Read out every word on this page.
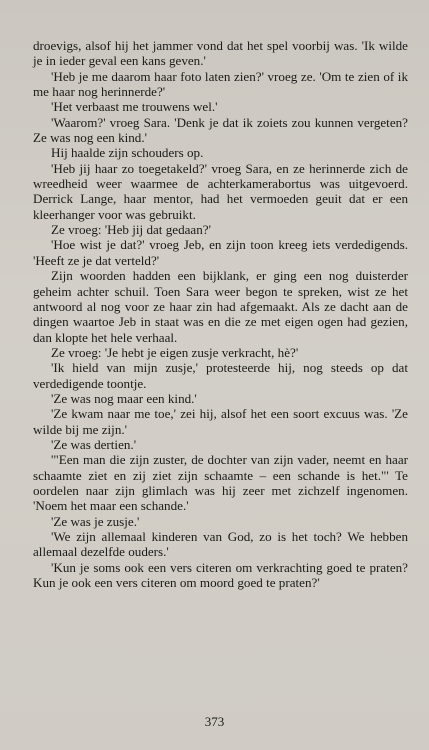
droevigs, alsof hij het jammer vond dat het spel voorbij was. 'Ik wilde je in ieder geval een kans geven.'

'Heb je me daarom haar foto laten zien?' vroeg ze. 'Om te zien of ik me haar nog herinnerde?'

'Het verbaast me trouwens wel.'

'Waarom?' vroeg Sara. 'Denk je dat ik zoiets zou kunnen vergeten? Ze was nog een kind.'

Hij haalde zijn schouders op.

'Heb jij haar zo toegetakeld?' vroeg Sara, en ze herinnerde zich de wreedheid weer waarmee de achterkamerabortus was uitgevoerd. Derrick Lange, haar mentor, had het vermoeden geuit dat er een kleerhanger voor was gebruikt.

Ze vroeg: 'Heb jij dat gedaan?'

'Hoe wist je dat?' vroeg Jeb, en zijn toon kreeg iets verdedigends. 'Heeft ze je dat verteld?'

Zijn woorden hadden een bijklank, er ging een nog duisterder geheim achter schuil. Toen Sara weer begon te spreken, wist ze het antwoord al nog voor ze haar zin had afgemaakt. Als ze dacht aan de dingen waartoe Jeb in staat was en die ze met eigen ogen had gezien, dan klopte het hele verhaal.

Ze vroeg: 'Je hebt je eigen zusje verkracht, hè?'

'Ik hield van mijn zusje,' protesteerde hij, nog steeds op dat verdedigende toontje.

'Ze was nog maar een kind.'

'Ze kwam naar me toe,' zei hij, alsof het een soort excuus was. 'Ze wilde bij me zijn.'

'Ze was dertien.'

'"Een man die zijn zuster, de dochter van zijn vader, neemt en haar schaamte ziet en zij ziet zijn schaamte – een schande is het."' Te oordelen naar zijn glimlach was hij zeer met zichzelf ingenomen. 'Noem het maar een schande.'

'Ze was je zusje.'

'We zijn allemaal kinderen van God, zo is het toch? We hebben allemaal dezelfde ouders.'

'Kun je soms ook een vers citeren om verkrachting goed te praten? Kun je ook een vers citeren om moord goed te praten?'

373
